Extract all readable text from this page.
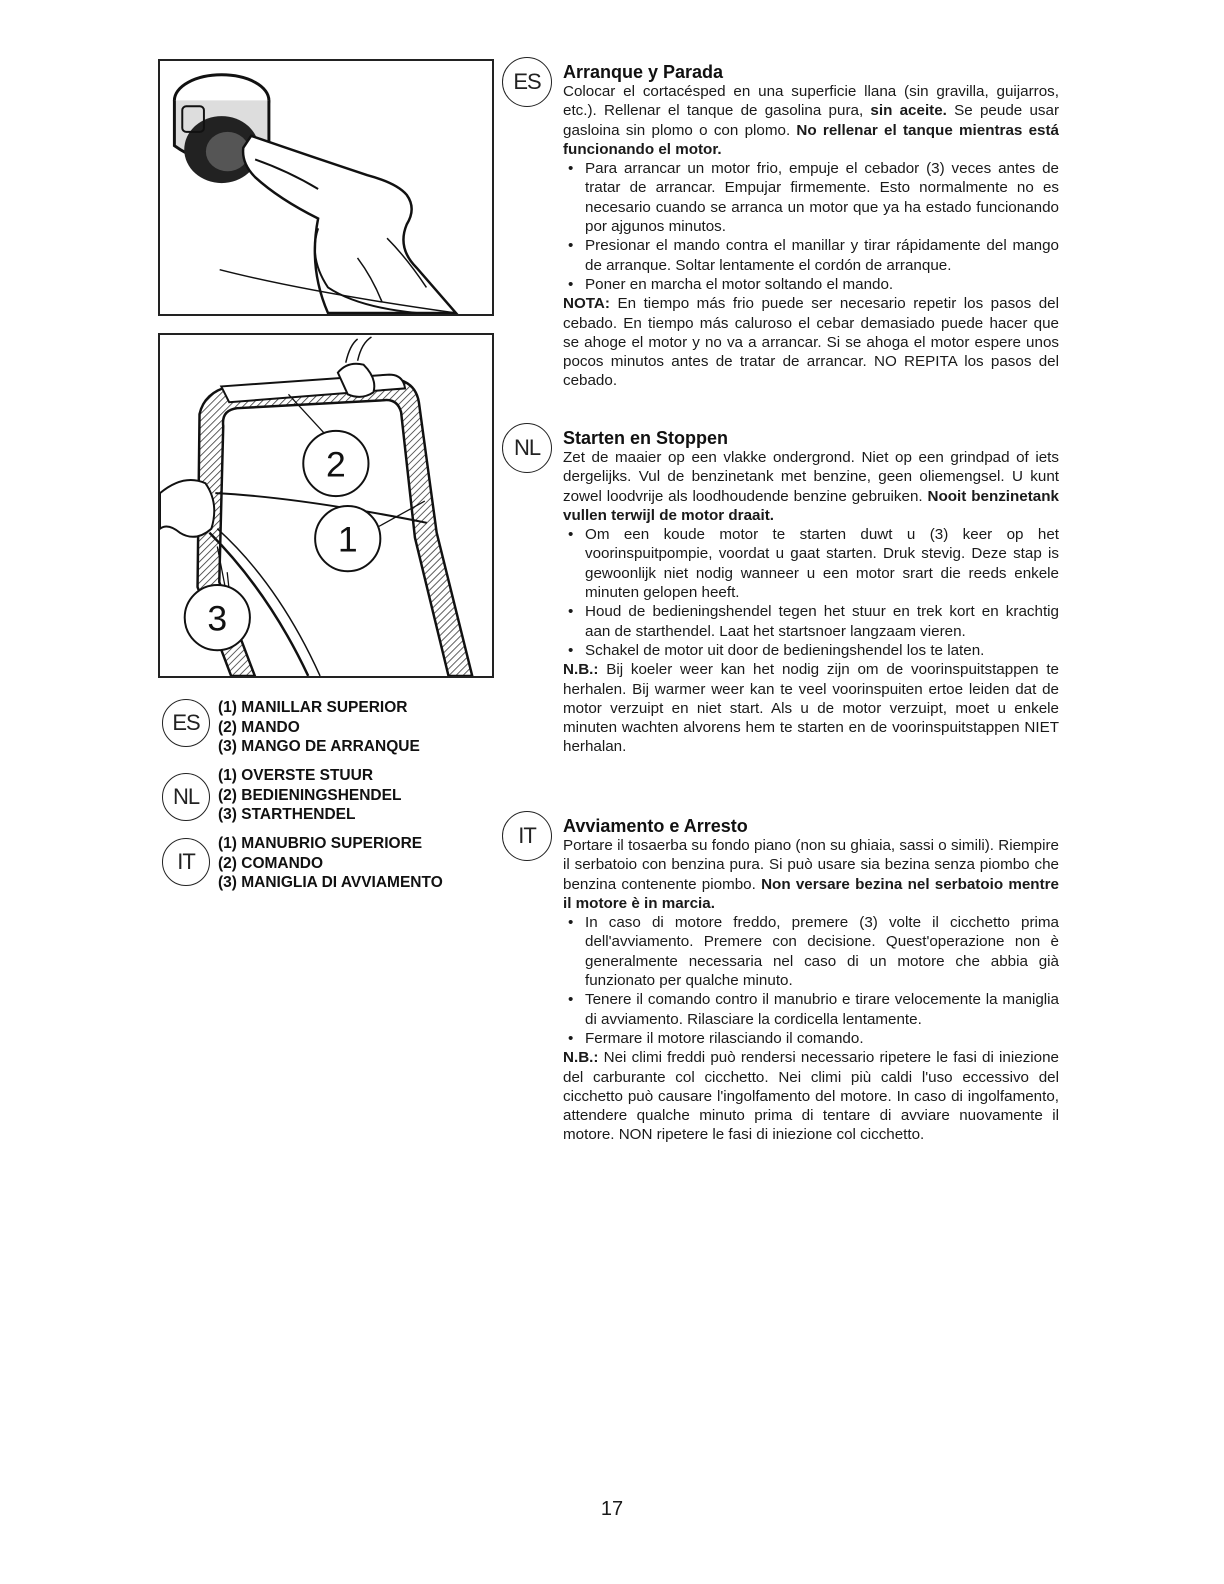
2
1
3
ES
NL
IT
(1) MANILLAR SUPERIOR
(2) MANDO
(3) MANGO DE ARRANQUE
(1) OVERSTE STUUR
(2) BEDIENINGSHENDEL
(3) STARTHENDEL
(1) MANUBRIO SUPERIORE
(2) COMANDO
(3) MANIGLIA DI AVVIAMENTO
ES
NL
IT
Arranque y Parada

Colocar el cortacésped en una superficie llana (sin gravilla, guijarros, etc.). Rellenar el tanque de gasolina pura, sin aceite. Se peude usar gasloina sin plomo o con plomo. No rellenar el tanque mientras está funcionando el motor.

• Para arrancar un motor frio, empuje el cebador (3) veces antes de tratar de arrancar. Empujar firmemente. Esto normalmente no es necesario cuando se arranca un motor que ya ha estado funcionando por ajgunos minutos.
• Presionar el mando contra el manillar y tirar rápidamente del mango de arranque. Soltar lentamente el cordón de arranque.
• Poner en marcha el motor soltando el mando.

NOTA: En tiempo más frio puede ser necesario repetir los pasos del cebado. En tiempo más caluroso el cebar demasiado puede hacer que se ahoge el motor y no va a arrancar. Si se ahoga el motor espere unos pocos minutos antes de tratar de arrancar. NO REPITA los pasos del cebado.

Starten en Stoppen

Zet de maaier op een vlakke ondergrond. Niet op een grindpad of iets dergelijks. Vul de benzinetank met benzine, geen oliemengsel. U kunt zowel loodvrije als loodhoudende benzine gebruiken. Nooit benzinetank vullen terwijl de motor draait.

• Om een koude motor te starten duwt u (3) keer op het voorinspuitpompie, voordat u gaat starten. Druk stevig. Deze stap is gewoonlijk niet nodig wanneer u een motor srart die reeds enkele minuten gelopen heeft.
• Houd de bedieningshendel tegen het stuur en trek kort en krachtig aan de starthendel. Laat het startsnoer langzaam vieren.
• Schakel de motor uit door de bedieningshendel los te laten.

N.B.: Bij koeler weer kan het nodig zijn om de voorinspuitstappen te herhalen. Bij warmer weer kan te veel voorinspuiten ertoe leiden dat de motor verzuipt en niet start. Als u de motor verzuipt, moet u enkele minuten wachten alvorens hem te starten en de voorinspuitstappen NIET herhalan.

Avviamento e Arresto

Portare il tosaerba su fondo piano (non su ghiaia, sassi o simili). Riempire il serbatoio con benzina pura. Si può usare sia bezina senza piombo che benzina contenente piombo. Non versare bezina nel serbatoio mentre il motore è in marcia.

• In caso di motore freddo, premere (3) volte il cicchetto prima dell'avviamento. Premere con decisione. Quest'operazione non è generalmente necessaria nel caso di un motore che abbia già funzionato per qualche minuto.
• Tenere il comando contro il manubrio e tirare velocemente la maniglia di avviamento. Rilasciare la cordicella lentamente.
• Fermare il motore rilasciando il comando.

N.B.: Nei climi freddi può rendersi necessario ripetere le fasi di iniezione del carburante col cicchetto. Nei climi più caldi l'uso eccessivo del cicchetto può causare l'ingolfamento del motore. In caso di ingolfamento, attendere qualche minuto prima di tentare di avviare nuovamente il motore. NON ripetere le fasi di iniezione col cicchetto.

17
